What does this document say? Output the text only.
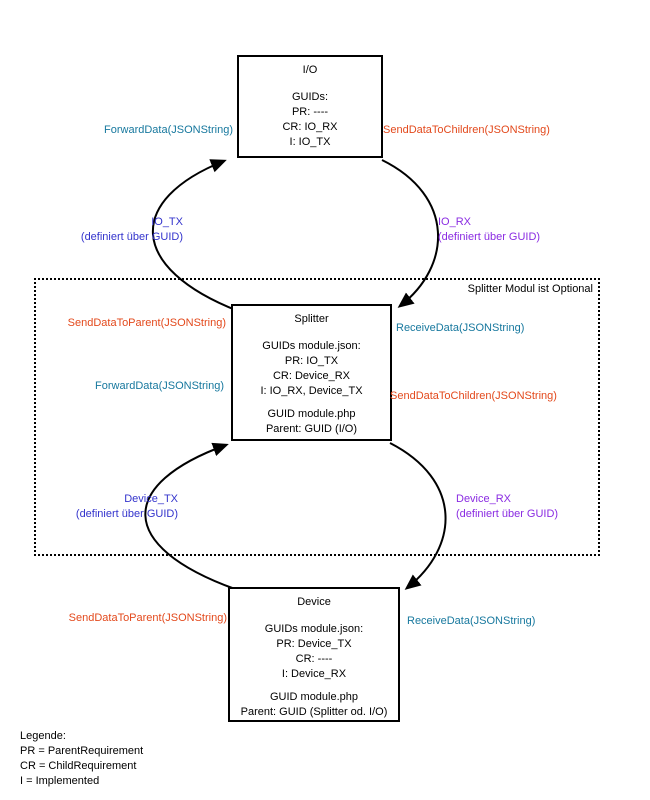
Splitter Modul ist Optional
I/O
GUIDs:
PR: ----
CR: IO_RX
I: IO_TX
Splitter
GUIDs module.json:
PR: IO_TX
CR: Device_RX
I: IO_RX, Device_TX
GUID module.php
Parent: GUID (I/O)
Device
GUIDs module.json:
PR: Device_TX
CR: ----
I: Device_RX
GUID module.php
Parent: GUID (Splitter od. I/O)
ForwardData(JSONString)	SendDataToChildren(JSONString)
IO_TX
(definiert über GUID)
IO_RX
(definiert über GUID)
SendDataToParent(JSONString)	ReceiveData(JSONString)
ForwardData(JSONString)
SendDataToChildren(JSONString)
Device_TX
(definiert über GUID)
Device_RX
(definiert über GUID)
SendDataToParent(JSONString)	ReceiveData(JSONString)
Legende:
PR = ParentRequirement
CR = ChildRequirement
I = Implemented
